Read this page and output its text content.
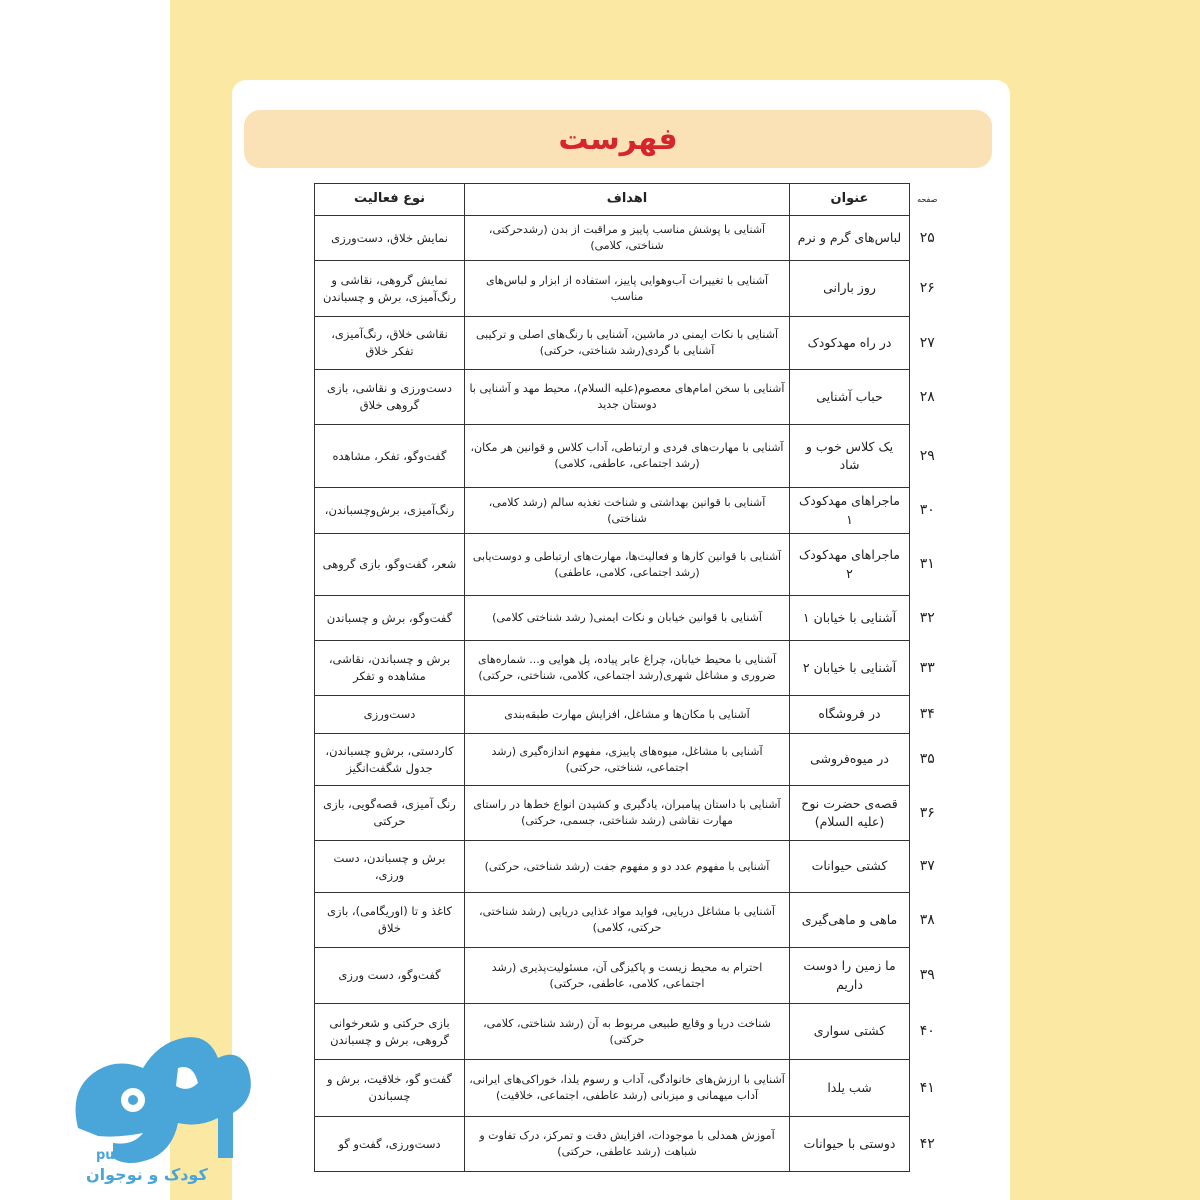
فهرست
صفحه	عنوان	اهداف	نوع فعالیت
۲۵	لباس‌های گرم و نرم	آشنایی با پوشش مناسب پاییز و مراقبت از بدن (رشدحرکتی، شناختی، کلامی)	نمایش خلاق، دست‌ورزی
۲۶	روز بارانی	آشنایی با تغییرات آب‌وهوایی پاییز، استفاده از ابزار و لباس‌های مناسب	نمایش گروهی، نقاشی و رنگ‌آمیزی، برش و چسباندن
۲۷	در راه مهدکودک	آشنایی با نکات ایمنی در ماشین، آشنایی با رنگ‌های اصلی و ترکیبی آشنایی با گردی(رشد شناختی، حرکتی)	نقاشی خلاق، رنگ‌آمیزی، تفکر خلاق
۲۸	حباب آشنایی	آشنایی با سخن امام‌های معصوم(علیه السلام)، محیط مهد و آشنایی با دوستان جدید	دست‌ورزی و نقاشی، بازی گروهی خلاق
۲۹	یک کلاس خوب و شاد	آشنایی با مهارت‌های فردی و ارتباطی، آداب کلاس و قوانین هر مکان، (رشد اجتماعی، عاطفی، کلامی)	گفت‌وگو، تفکر، مشاهده
۳۰	ماجراهای مهدکودک ۱	آشنایی با قوانین بهداشتی و شناخت تغذیه سالم (رشد کلامی، شناختی)	رنگ‌آمیزی، برش‌وچسباندن،
۳۱	ماجراهای مهدکودک ۲	آشنایی با قوانین کارها و فعالیت‌ها، مهارت‌های ارتباطی و دوست‌یابی (رشد اجتماعی، کلامی، عاطفی)	شعر، گفت‌وگو، بازی گروهی
۳۲	آشنایی با خیابان ۱	آشنایی با قوانین خیابان و نکات ایمنی( رشد شناختی کلامی)	گفت‌وگو، برش و چسباندن
۳۳	آشنایی با خیابان ۲	آشنایی با محیط خیابان، چراغ عابر پیاده، پل هوایی و... شماره‌های ضروری و مشاغل شهری(رشد اجتماعی، کلامی، شناختی، حرکتی)	برش و چسباندن، نقاشی، مشاهده و تفکر
۳۴	در فروشگاه	آشنایی با مکان‌ها و مشاغل، افزایش مهارت طبقه‌بندی	دست‌ورزی
۳۵	در میوه‌فروشی	آشنایی با مشاغل، میوه‌های پاییزی، مفهوم اندازه‌گیری (رشد اجتماعی، شناختی، حرکتی)	کاردستی، برش‌و چسباندن، جدول شگفت‌انگیز
۳۶	قصه‌ی حضرت نوح (علیه السلام)	آشنایی با داستان پیامبران، یادگیری و کشیدن انواع خط‌ها در راستای مهارت نقاشی (رشد شناختی، جسمی، حرکتی)	رنگ آمیزی، قصه‌گویی، بازی حرکتی
۳۷	کشتی حیوانات	آشنایی با مفهوم عدد دو و مفهوم جفت (رشد شناختی، حرکتی)	برش و چسباندن، دست ورزی،
۳۸	ماهی و ماهی‌گیری	آشنایی با مشاغل دریایی، فواید مواد غذایی دریایی (رشد شناختی، حرکتی، کلامی)	کاغذ و تا (اوریگامی)، بازی خلاق
۳۹	ما زمین را دوست داریم	احترام به محیط زیست و پاکیزگی آن، مسئولیت‌پذیری (رشد اجتماعی، کلامی، عاطفی، حرکتی)	گفت‌وگو، دست ورزی
۴۰	کشتی سواری	شناخت دریا و وقایع طبیعی مربوط به آن (رشد شناختی، کلامی، حرکتی)	بازی حرکتی و شعرخوانی گروهی، برش و چسباندن
۴۱	شب یلدا	آشنایی با ارزش‌های خانوادگی، آداب و رسوم یلدا، خوراکی‌های ایرانی، آداب میهمانی و میزبانی (رشد عاطفی، اجتماعی، خلاقیت)	گفت‌و گو، خلاقیت، برش و چسباندن
۴۲	دوستی با حیوانات	آموزش همدلی با موجودات، افزایش دقت و تمرکز، درک تفاوت و شباهت (رشد عاطفی، حرکتی)	دست‌ورزی، گفت‌و گو
puonak
کودک و نوجوان
